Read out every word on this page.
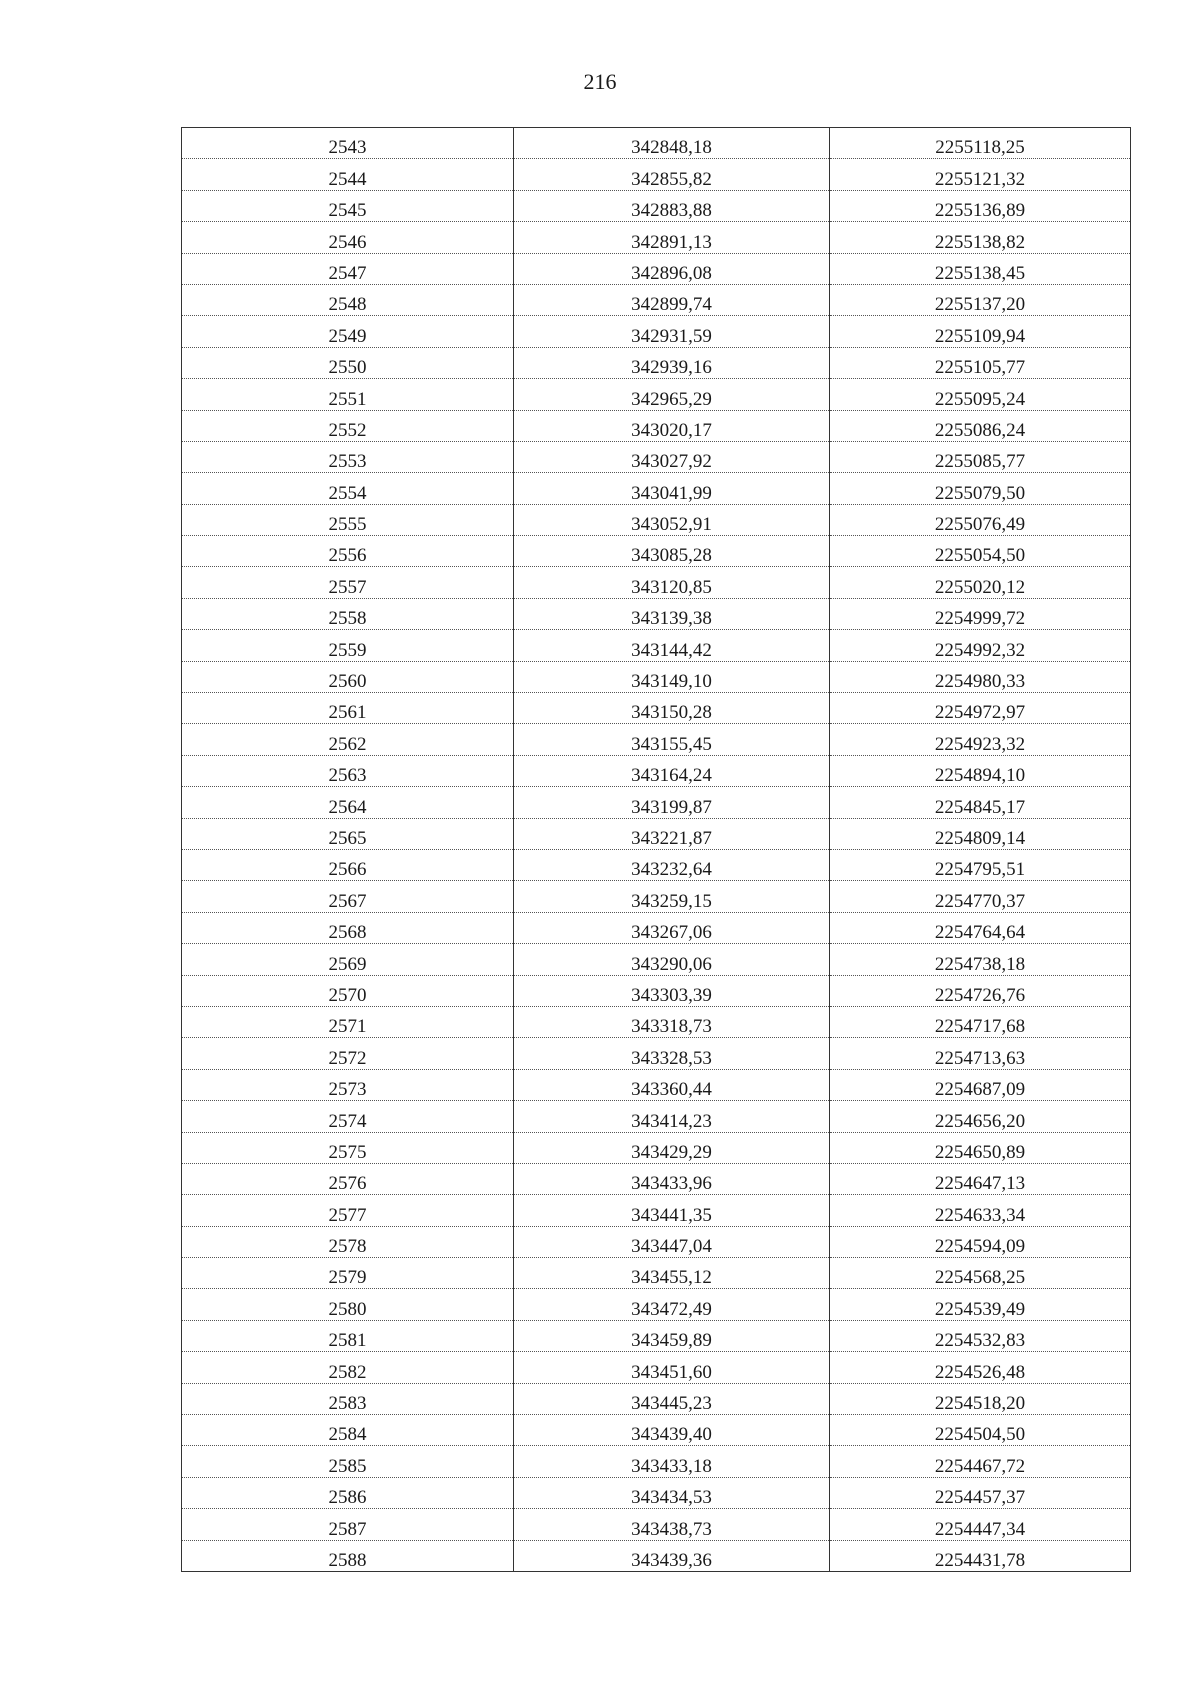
216
2543	342848,18	2255118,25
2544	342855,82	2255121,32
2545	342883,88	2255136,89
2546	342891,13	2255138,82
2547	342896,08	2255138,45
2548	342899,74	2255137,20
2549	342931,59	2255109,94
2550	342939,16	2255105,77
2551	342965,29	2255095,24
2552	343020,17	2255086,24
2553	343027,92	2255085,77
2554	343041,99	2255079,50
2555	343052,91	2255076,49
2556	343085,28	2255054,50
2557	343120,85	2255020,12
2558	343139,38	2254999,72
2559	343144,42	2254992,32
2560	343149,10	2254980,33
2561	343150,28	2254972,97
2562	343155,45	2254923,32
2563	343164,24	2254894,10
2564	343199,87	2254845,17
2565	343221,87	2254809,14
2566	343232,64	2254795,51
2567	343259,15	2254770,37
2568	343267,06	2254764,64
2569	343290,06	2254738,18
2570	343303,39	2254726,76
2571	343318,73	2254717,68
2572	343328,53	2254713,63
2573	343360,44	2254687,09
2574	343414,23	2254656,20
2575	343429,29	2254650,89
2576	343433,96	2254647,13
2577	343441,35	2254633,34
2578	343447,04	2254594,09
2579	343455,12	2254568,25
2580	343472,49	2254539,49
2581	343459,89	2254532,83
2582	343451,60	2254526,48
2583	343445,23	2254518,20
2584	343439,40	2254504,50
2585	343433,18	2254467,72
2586	343434,53	2254457,37
2587	343438,73	2254447,34
2588	343439,36	2254431,78
